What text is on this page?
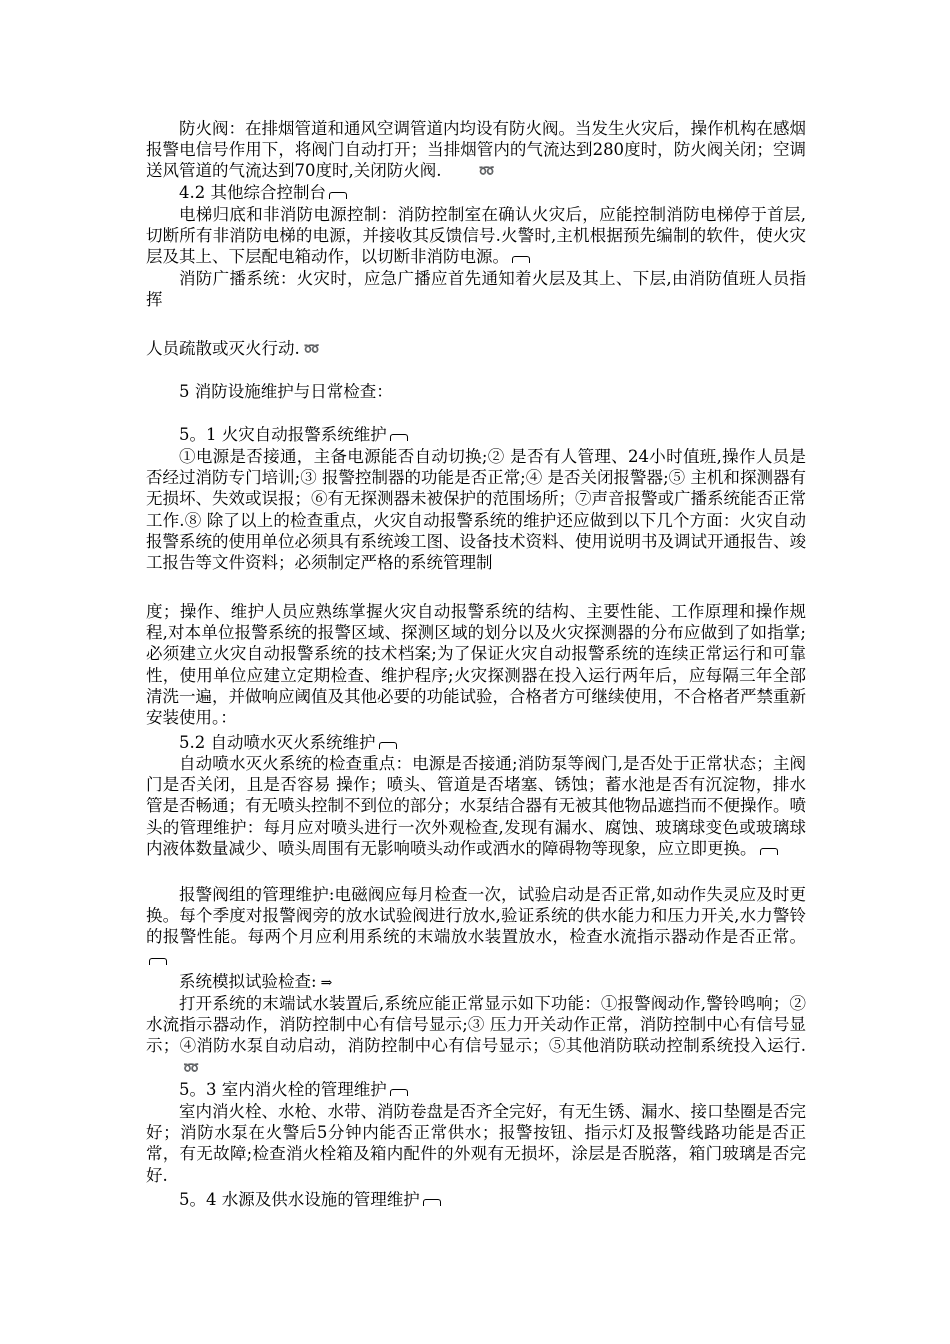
防火阀：在排烟管道和通风空调管道内均设有防火阀。当发生火灾后，操作机构在感烟报警电信号作用下，将阀门自动打开；当排烟管内的气流达到280度时，防火阀关闭；空调送风管道的气流达到70度时,关闭防火阀.	➿

4.2 其他综合控制台

电梯归底和非消防电源控制：消防控制室在确认火灾后，应能控制消防电梯停于首层,切断所有非消防电梯的电源，并接收其反馈信号.火警时,主机根据预先编制的软件，使火灾层及其上、下层配电箱动作，以切断非消防电源。

消防广播系统：火灾时，应急广播应首先通知着火层及其上、下层,由消防值班人员指挥

人员疏散或灭火行动. ➿

5 消防设施维护与日常检查：

5。1 火灾自动报警系统维护

①电源是否接通，主备电源能否自动切换;② 是否有人管理、24小时值班,操作人员是否经过消防专门培训;③ 报警控制器的功能是否正常;④ 是否关闭报警器;⑤ 主机和探测器有无损坏、失效或误报；⑥有无探测器未被保护的范围场所；⑦声音报警或广播系统能否正常工作.⑧ 除了以上的检查重点，火灾自动报警系统的维护还应做到以下几个方面：火灾自动报警系统的使用单位必须具有系统竣工图、设备技术资料、使用说明书及调试开通报告、竣工报告等文件资料；必须制定严格的系统管理制

度；操作、维护人员应熟练掌握火灾自动报警系统的结构、主要性能、工作原理和操作规程,对本单位报警系统的报警区域、探测区域的划分以及火灾探测器的分布应做到了如指掌;必须建立火灾自动报警系统的技术档案;为了保证火灾自动报警系统的连续正常运行和可靠性，使用单位应建立定期检查、维护程序;火灾探测器在投入运行两年后，应每隔三年全部清洗一遍，并做响应阈值及其他必要的功能试验，合格者方可继续使用，不合格者严禁重新安装使用。：

5.2 自动喷水灭火系统维护

自动喷水灭火系统的检查重点：电源是否接通;消防泵等阀门,是否处于正常状态；主阀门是否关闭，且是否容易 操作；喷头、管道是否堵塞、锈蚀；蓄水池是否有沉淀物，排水管是否畅通；有无喷头控制不到位的部分；水泵结合器有无被其他物品遮挡而不便操作。喷头的管理维护：每月应对喷头进行一次外观检查,发现有漏水、腐蚀、玻璃球变色或玻璃球内液体数量减少、喷头周围有无影响喷头动作或洒水的障碍物等现象，应立即更换。

报警阀组的管理维护:电磁阀应每月检查一次，试验启动是否正常,如动作失灵应及时更换。每个季度对报警阀旁的放水试验阀进行放水,验证系统的供水能力和压力开关,水力警铃的报警性能。每两个月应利用系统的末端放水装置放水，检查水流指示器动作是否正常。

系统模拟试验检查: ⇒

打开系统的末端试水装置后,系统应能正常显示如下功能：①报警阀动作,警铃鸣响；②水流指示器动作，消防控制中心有信号显示;③ 压力开关动作正常，消防控制中心有信号显示；④消防水泵自动启动，消防控制中心有信号显示；⑤其他消防联动控制系统投入运行.➿

5。3 室内消火栓的管理维护

室内消火栓、水枪、水带、消防卷盘是否齐全完好，有无生锈、漏水、接口垫圈是否完好；消防水泵在火警后5分钟内能否正常供水；报警按钮、指示灯及报警线路功能是否正常，有无故障;检查消火栓箱及箱内配件的外观有无损坏，涂层是否脱落，箱门玻璃是否完好.

5。4 水源及供水设施的管理维护
